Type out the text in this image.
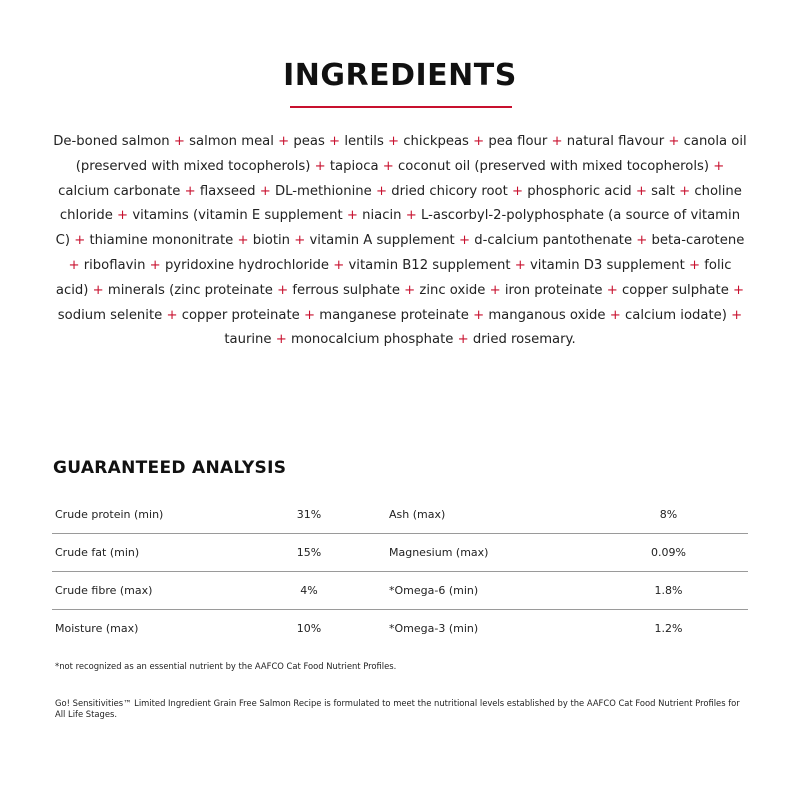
INGREDIENTS
De-boned salmon + salmon meal + peas + lentils + chickpeas + pea flour + natural flavour + canola oil (preserved with mixed tocopherols) + tapioca + coconut oil (preserved with mixed tocopherols) + calcium carbonate + flaxseed + DL-methionine + dried chicory root + phosphoric acid + salt + choline chloride + vitamins (vitamin E supplement + niacin + L-ascorbyl-2-polyphosphate (a source of vitamin C) + thiamine mononitrate + biotin + vitamin A supplement + d-calcium pantothenate + beta-carotene + riboflavin + pyridoxine hydrochloride + vitamin B12 supplement + vitamin D3 supplement + folic acid) + minerals (zinc proteinate + ferrous sulphate + zinc oxide + iron proteinate + copper sulphate + sodium selenite + copper proteinate + manganese proteinate + manganous oxide + calcium iodate) + taurine + monocalcium phosphate + dried rosemary.
GUARANTEED ANALYSIS
Crude protein (min)	31%		Ash (max)	8%
Crude fat (min)	15%		Magnesium (max)	0.09%
Crude fibre (max)	4%		*Omega-6 (min)	1.8%
Moisture (max)	10%		*Omega-3 (min)	1.2%
*not recognized as an essential nutrient by the AAFCO Cat Food Nutrient Profiles.
Go! Sensitivities™ Limited Ingredient Grain Free Salmon Recipe is formulated to meet the nutritional levels established by the AAFCO Cat Food Nutrient Profiles for All Life Stages.
